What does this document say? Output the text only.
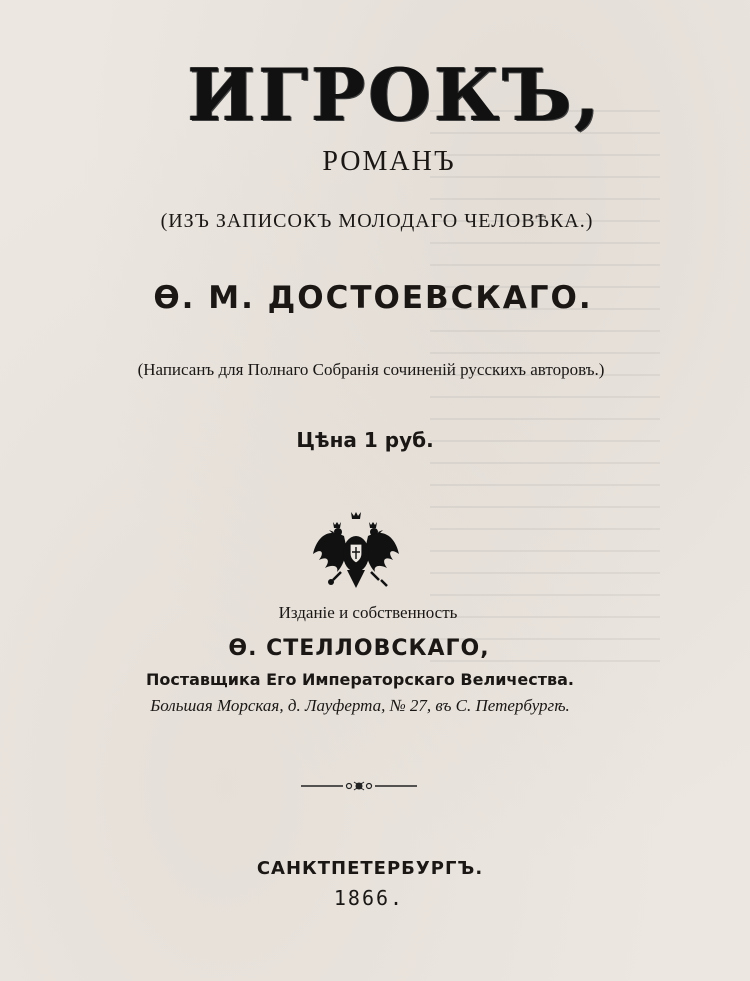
ИГРОКЪ,
РОМАНЪ
(ИЗЪ ЗАПИСОКЪ МОЛОДАГО ЧЕЛОВѢКА.)
Ѳ. М. ДОСТОЕВСКАГО.
(Написанъ для Полнаго Собранія сочиненій русскихъ авторовъ.)
Цѣна 1 руб.
Изданіе и собственность
Ѳ. СТЕЛЛОВСКАГО,
Поставщика Его Императорскаго Величества.
Большая Морская, д. Лауферта, № 27, въ С. Петербургѣ.
САНКТПЕТЕРБУРГЪ.
1866.
